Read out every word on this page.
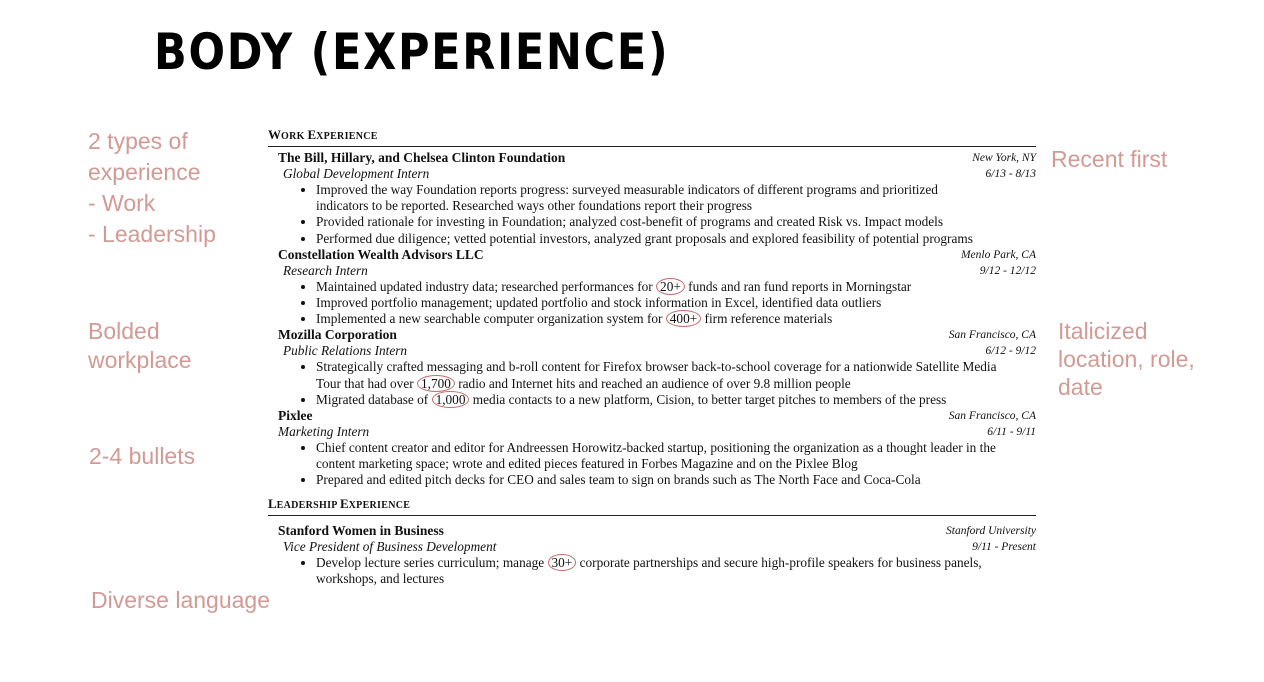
BODY (EXPERIENCE)
2 types of
experience
- Work
- Leadership
Bolded
workplace
2-4 bullets
Diverse language
Recent first
Italicized
location, role,
date
WORK EXPERIENCE
The Bill, Hillary, and Chelsea Clinton Foundation	New York, NY
Global Development Intern	6/13 - 8/13
• Improved the way Foundation reports progress: surveyed measurable indicators of different programs and prioritized
indicators to be reported. Researched ways other foundations report their progress
• Provided rationale for investing in Foundation; analyzed cost-benefit of programs and created Risk vs. Impact models
• Performed due diligence; vetted potential investors, analyzed grant proposals and explored feasibility of potential programs
Constellation Wealth Advisors LLC	Menlo Park, CA
Research Intern	9/12 - 12/12
• Maintained updated industry data; researched performances for 20+ funds and ran fund reports in Morningstar
• Improved portfolio management; updated portfolio and stock information in Excel, identified data outliers
• Implemented a new searchable computer organization system for 400+ firm reference materials
Mozilla Corporation	San Francisco, CA
Public Relations Intern	6/12 - 9/12
• Strategically crafted messaging and b-roll content for Firefox browser back-to-school coverage for a nationwide Satellite Media
Tour that had over 1,700 radio and Internet hits and reached an audience of over 9.8 million people
• Migrated database of 1,000 media contacts to a new platform, Cision, to better target pitches to members of the press
Pixlee	San Francisco, CA
Marketing Intern	6/11 - 9/11
• Chief content creator and editor for Andreessen Horowitz-backed startup, positioning the organization as a thought leader in the
content marketing space; wrote and edited pieces featured in Forbes Magazine and on the Pixlee Blog
• Prepared and edited pitch decks for CEO and sales team to sign on brands such as The North Face and Coca-Cola
LEADERSHIP EXPERIENCE
Stanford Women in Business	Stanford University
Vice President of Business Development	9/11 - Present
• Develop lecture series curriculum; manage 30+ corporate partnerships and secure high-profile speakers for business panels,
workshops, and lectures
